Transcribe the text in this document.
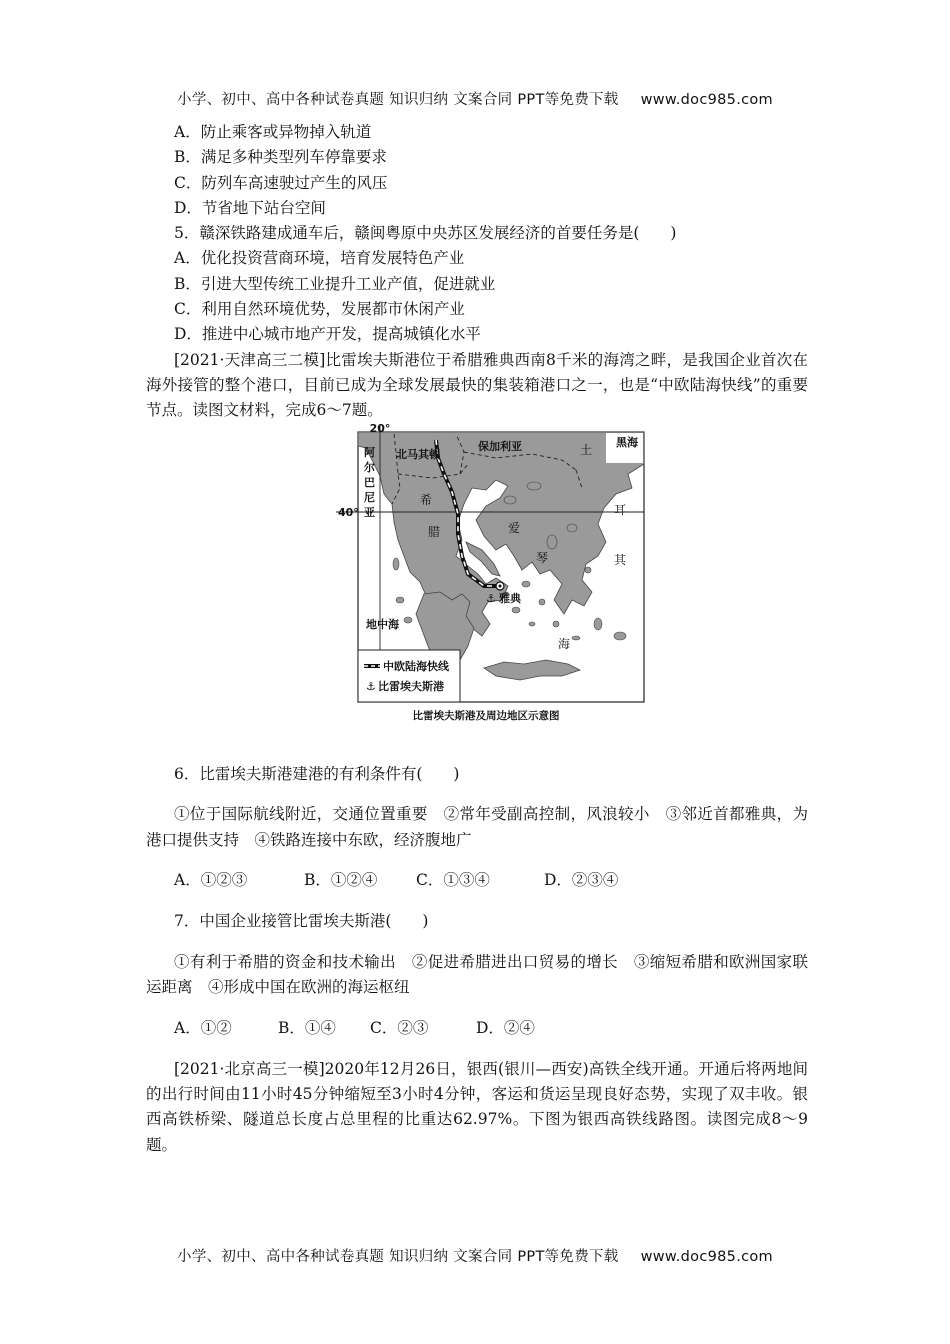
小学、初中、高中各种试卷真题 知识归纳 文案合同 PPT等免费下载 www.doc985.com

A．防止乘客或异物掉入轨道

B．满足多种类型列车停靠要求

C．防列车高速驶过产生的风压

D．节省地下站台空间

5．赣深铁路建成通车后，赣闽粤原中央苏区发展经济的首要任务是(　　)

A．优化投资营商环境，培育发展特色产业

B．引进大型传统工业提升工业产值，促进就业

C．利用自然环境优势，发展都市休闲产业

D．推进中心城市地产开发，提高城镇化水平

[2021·天津高三二模]比雷埃夫斯港位于希腊雅典西南8千米的海湾之畔，是我国企业首次在海外接管的整个港口，目前已成为全球发展最快的集装箱港口之一，也是“中欧陆海快线”的重要节点。读图文材料，完成6～7题。

20°
40°
⚓ 雅典
阿
尔
巴
尼
亚
北马其顿
保加利亚	黑海
土
耳
其
希
腊	爱
琴
海
地中海
中欧陆海快线
⚓ 比雷埃夫斯港
比雷埃夫斯港及周边地区示意图

6．比雷埃夫斯港建港的有利条件有(　　)

①位于国际航线附近，交通位置重要　②常年受副高控制，风浪较小　③邻近首都雅典，为港口提供支持　④铁路连接中东欧，经济腹地广

A．①②③	B．①②④ C．①③④	D．②③④

7．中国企业接管比雷埃夫斯港(　　)

①有利于希腊的资金和技术输出　②促进希腊进出口贸易的增长　③缩短希腊和欧洲国家联运距离　④形成中国在欧洲的海运枢纽

A．①②	B．①④ C．②③	D．②④

[2021·北京高三一模]2020年12月26日，银西(银川—西安)高铁全线开通。开通后将两地间的出行时间由11小时45分钟缩短至3小时4分钟，客运和货运呈现良好态势，实现了双丰收。银西高铁桥梁、隧道总长度占总里程的比重达62.97%。下图为银西高铁线路图。读图完成8～9题。

小学、初中、高中各种试卷真题 知识归纳 文案合同 PPT等免费下载 www.doc985.com
